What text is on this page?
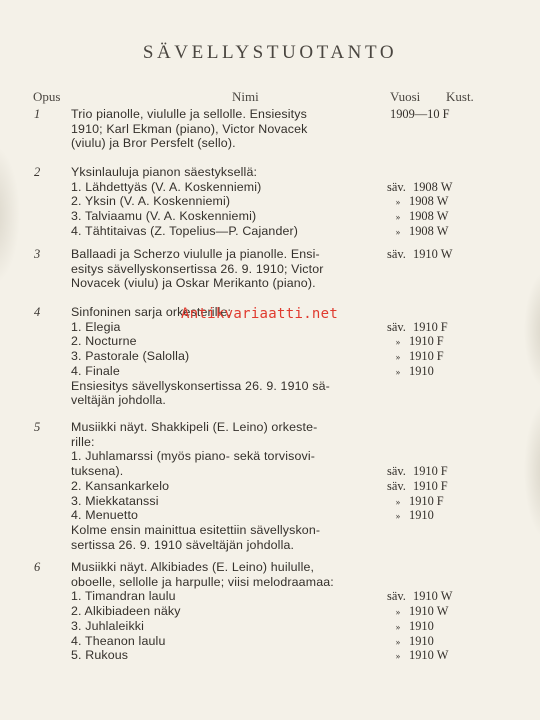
SÄVELLYSTUOTANTO
Opus	Nimi	Vuosi Kust.
1 Trio pianolle, viululle ja sellolle. Ensiesitys	1909—10 F
1910; Karl Ekman (piano), Victor Novacek
(viulu) ja Bror Persfelt (sello).
2 Yksinlauluja pianon säestyksellä:
1. Lähdettyäs (V. A. Koskenniemi)	säv. 1908 W
2. Yksin (V. A. Koskenniemi)	» 1908 W
3. Talviaamu (V. A. Koskenniemi)	» 1908 W
4. Tähtitaivas (Z. Topelius—P. Cajander)	» 1908 W
3 Ballaadi ja Scherzo viululle ja pianolle. Ensi-	säv. 1910 W
esitys sävellyskonsertissa 26. 9. 1910; Victor
Novacek (viulu) ja Oskar Merikanto (piano).
4 Sinfoninen sarja orkesterille:
1. Elegia	säv. 1910 F
2. Nocturne	» 1910 F
3. Pastorale (Salolla)	» 1910 F
4. Finale	» 1910
Ensiesitys sävellyskonsertissa 26. 9. 1910 sä-
veltäjän johdolla.
5 Musiikki näyt. Shakkipeli (E. Leino) orkeste-
rille:
1. Juhlamarssi (myös piano- sekä torvisovi-
tuksena).	säv. 1910 F
2. Kansankarkelo	säv. 1910 F
3. Miekkatanssi	» 1910 F
4. Menuetto	» 1910
Kolme ensin mainittua esitettiin sävellyskon-
sertissa 26. 9. 1910 säveltäjän johdolla.
6 Musiikki näyt. Alkibiades (E. Leino) huilulle,
oboelle, sellolle ja harpulle; viisi melodraamaa:
1. Timandran laulu	säv. 1910 W
2. Alkibiadeen näky	» 1910 W
3. Juhlaleikki	» 1910
4. Theanon laulu	» 1910
5. Rukous	» 1910 W
Antikvariaatti.net
